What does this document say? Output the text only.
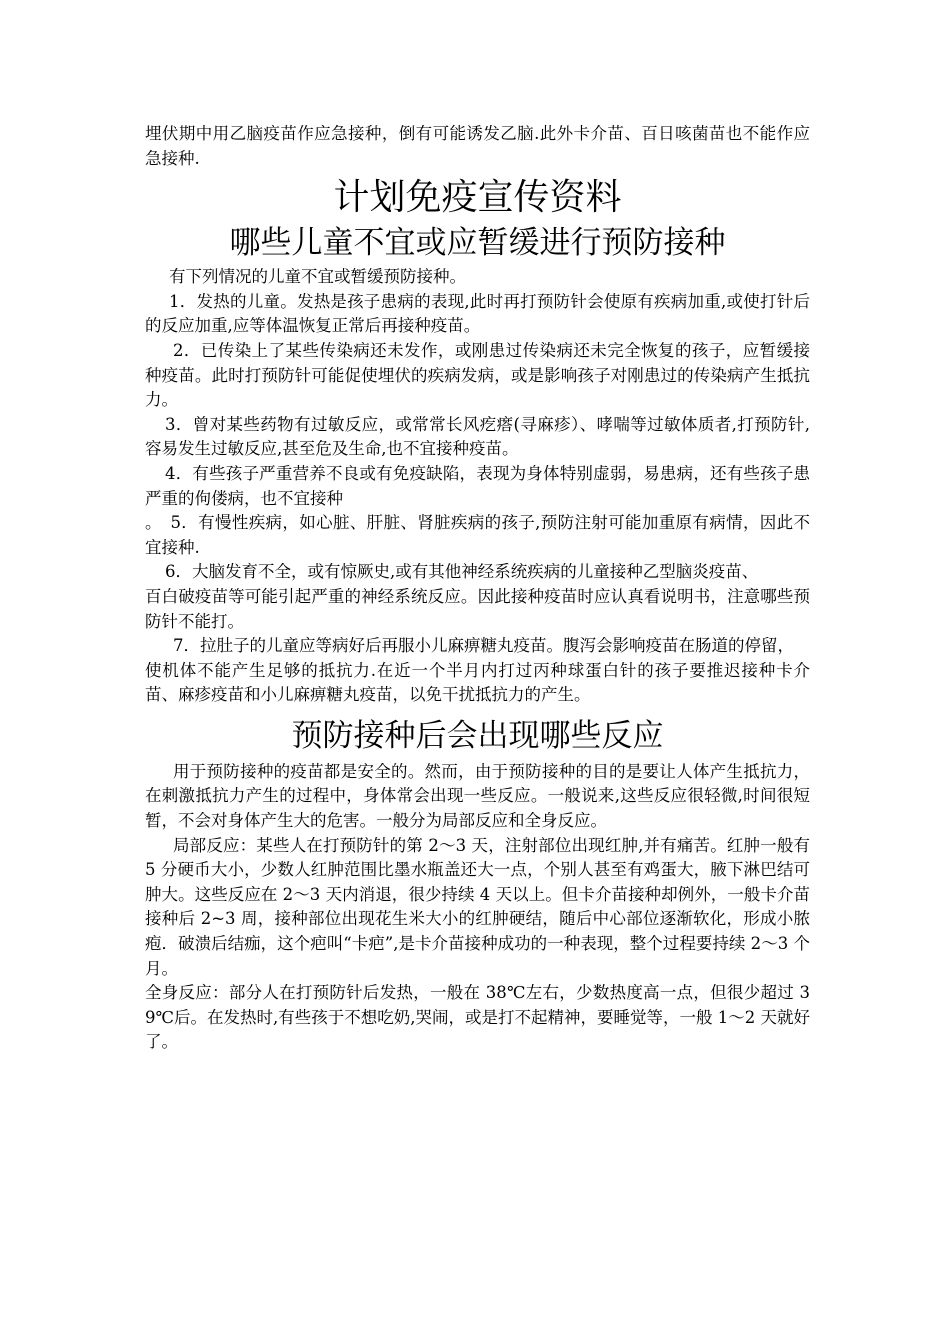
埋伏期中用乙脑疫苗作应急接种，倒有可能诱发乙脑.此外卡介苗、百日咳菌苗也不能作应急接种.

计划免疫宣传资料
哪些儿童不宜或应暂缓进行预防接种

有下列情况的儿童不宜或暂缓预防接种。

1．发热的儿童。发热是孩子患病的表现,此时再打预防针会使原有疾病加重,或使打针后的反应加重,应等体温恢复正常后再接种疫苗。

2．已传染上了某些传染病还未发作，或刚患过传染病还未完全恢复的孩子，应暂缓接种疫苗。此时打预防针可能促使埋伏的疾病发病，或是影响孩子对刚患过的传染病产生抵抗力。

3．曾对某些药物有过敏反应，或常常长风疙瘩(寻麻疹）、哮喘等过敏体质者,打预防针,容易发生过敏反应,甚至危及生命,也不宜接种疫苗。

4．有些孩子严重营养不良或有免疫缺陷，表现为身体特别虚弱，易患病，还有些孩子患严重的佝偻病，也不宜接种

。　5．有慢性疾病，如心脏、肝脏、肾脏疾病的孩子,预防注射可能加重原有病情，因此不宜接种.

6．大脑发育不全，或有惊厥史,或有其他神经系统疾病的儿童接种乙型脑炎疫苗、

百白破疫苗等可能引起严重的神经系统反应。因此接种疫苗时应认真看说明书，注意哪些预防针不能打。

7．拉肚子的儿童应等病好后再服小儿麻痹糖丸疫苗。腹泻会影响疫苗在肠道的停留，

使机体不能产生足够的抵抗力.在近一个半月内打过丙种球蛋白针的孩子要推迟接种卡介苗、麻疹疫苗和小儿麻痹糖丸疫苗，以免干扰抵抗力的产生。

预防接种后会出现哪些反应

用于预防接种的疫苗都是安全的。然而，由于预防接种的目的是要让人体产生抵抗力，在刺激抵抗力产生的过程中，身体常会出现一些反应。一般说来,这些反应很轻微,时间很短暂，不会对身体产生大的危害。一般分为局部反应和全身反应。

局部反应：某些人在打预防针的第 2～3 天，注射部位出现红肿,并有痛苦。红肿一般有 5 分硬币大小，少数人红肿范围比墨水瓶盖还大一点，个别人甚至有鸡蛋大，腋下淋巴结可肿大。这些反应在 2～3 天内消退，很少持续 4 天以上。但卡介苗接种却例外，一般卡介苗接种后 2~3 周，接种部位出现花生米大小的红肿硬结，随后中心部位逐渐软化，形成小脓疱．破溃后结痂，这个疤叫“卡疤”,是卡介苗接种成功的一种表现，整个过程要持续 2～3 个月。

全身反应：部分人在打预防针后发热，一般在 38℃左右，少数热度高一点，但很少超过 39℃后。在发热时,有些孩于不想吃奶,哭闹，或是打不起精神，要睡觉等，一般 1～2 天就好了。
